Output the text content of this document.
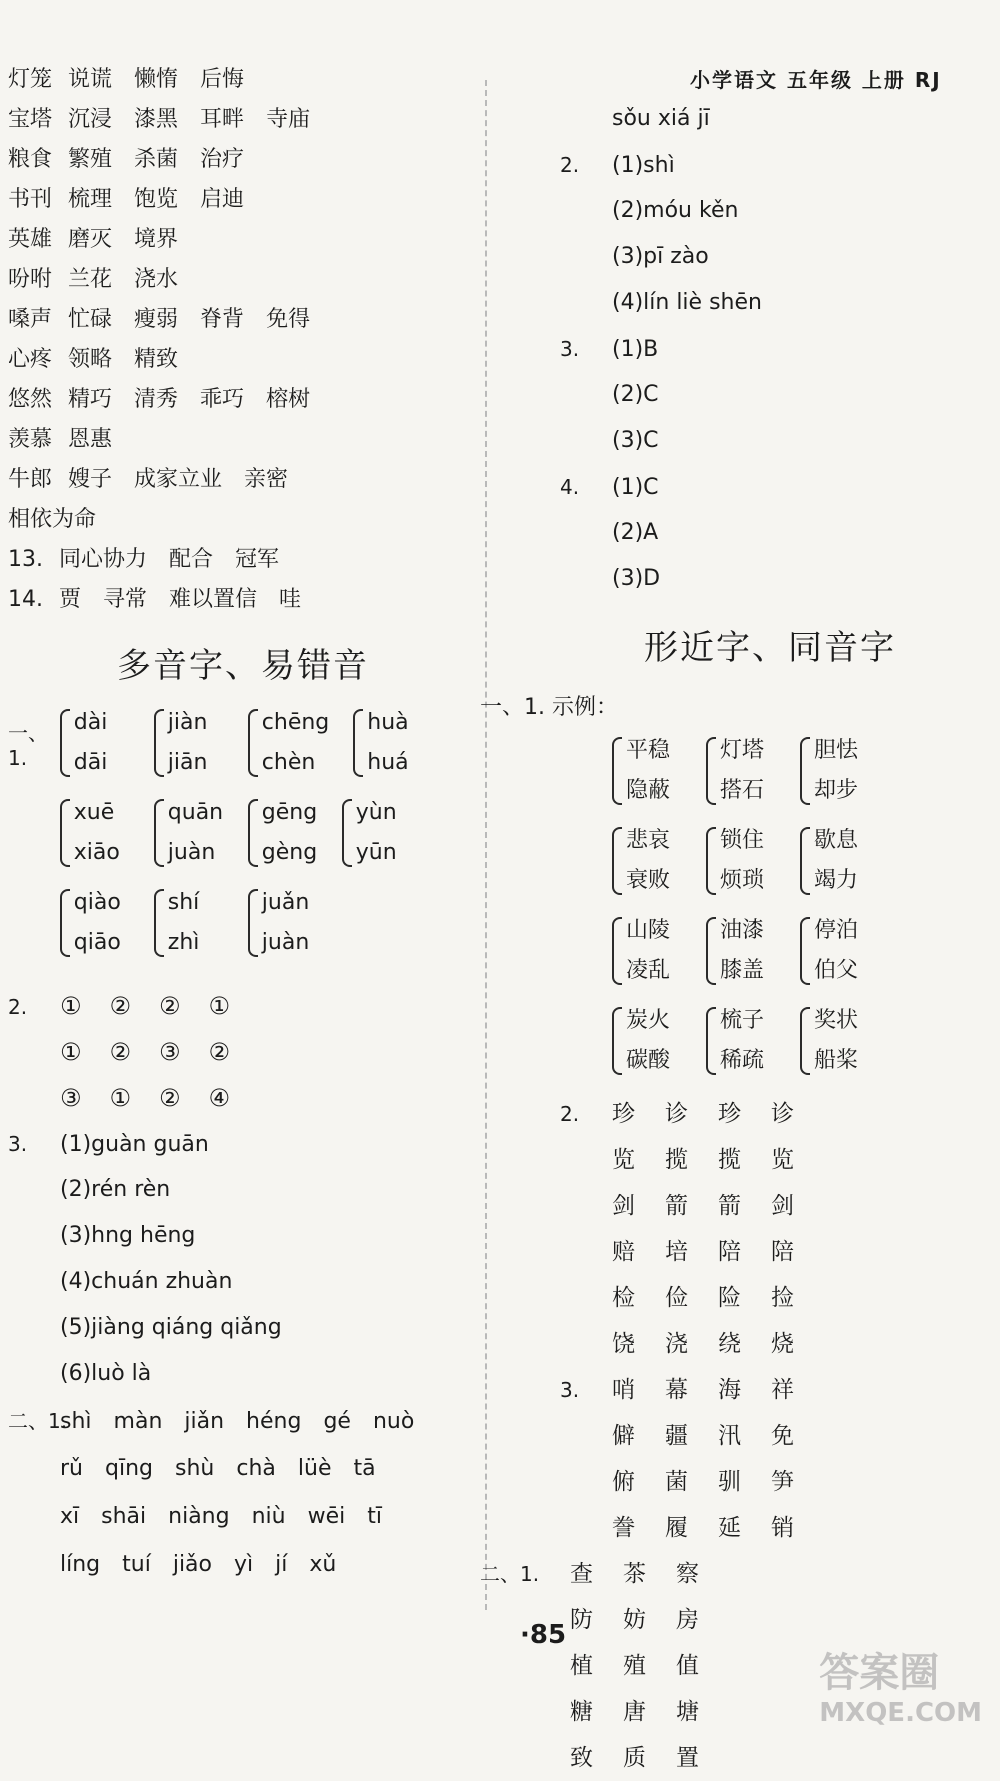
小学语文 五年级 上册 RJ
灯笼 说谎 懒惰 后悔
宝塔 沉浸 漆黑 耳畔 寺庙
粮食 繁殖 杀菌 治疗
书刊 梳理 饱览 启迪
英雄 磨灭 境界
吩咐 兰花 浇水
嗓声 忙碌 瘦弱 脊背 免得
心疼 领略 精致
悠然 精巧 清秀 乖巧 榕树
羡慕 恩惠
牛郎 嫂子 成家立业 亲密
相依为命
13. 同心协力 配合 冠军
14. 贾 寻常 难以置信 哇
多音字、易错音
一、1.
dài
dāi
jiàn
jiān
chēng
chèn
huà
huá
xuē
xiāo
quān
juàn
gēng
gèng
yùn
yūn
qiào
qiāo
shí
zhì
juǎn
juàn
2. ① ② ② ①
① ② ③ ②
③ ① ② ④
3. (1)guàn guān
(2)rén rèn
(3)hng hēng
(4)chuán zhuàn
(5)jiàng qiáng qiǎng
(6)luò là
二、1.shì màn jiǎn héng gé nuò
rǔ qīng shù chà lüè tā
xī shāi niàng niù wēi tī
líng tuí jiǎo yì jí xǔ
sǒu xiá jī
2. (1)shì
(2)móu kěn
(3)pī zào
(4)lín liè shēn
3. (1)B
(2)C
(3)C
4. (1)C
(2)A
(3)D
形近字、同音字
一、1. 示例：
平稳
隐蔽
灯塔
搭石
胆怯
却步
悲哀
衰败
锁住
烦琐
歇息
竭力
山陵
凌乱
油漆
膝盖
停泊
伯父
炭火
碳酸
梳子
稀疏
奖状
船桨
2. 珍 诊 珍 诊
览 揽 揽 览
剑 箭 箭 剑
赔 培 陪 陪
检 俭 险 捡
饶 浇 绕 烧
3. 哨 幕 海 祥
僻 疆 汛 免
俯 菌 驯 笋
誊 履 延 销
二、1. 查 茶 察
防 妨 房
植 殖 值
糖 唐 塘
致 质 置
·85
答案圈
MXQE.COM
